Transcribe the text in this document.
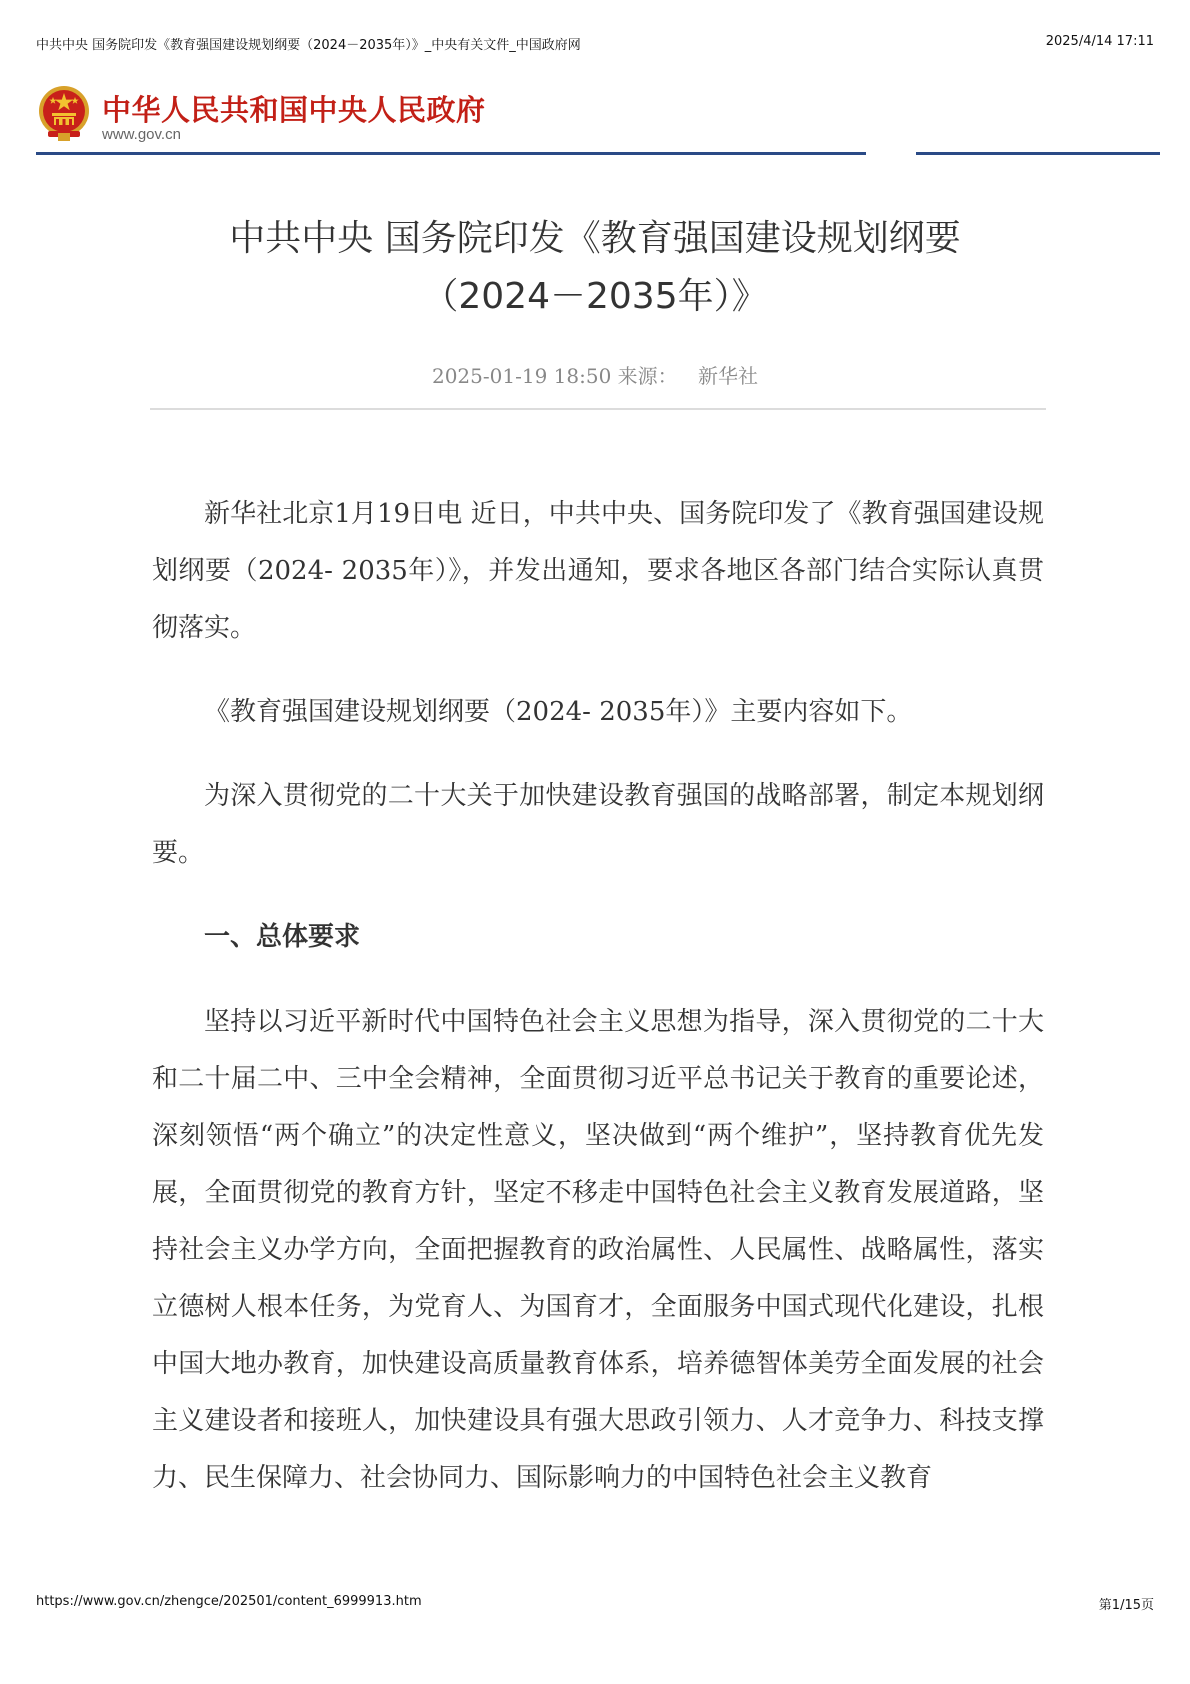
中共中央 国务院印发《教育强国建设规划纲要（2024－2035年）》_中央有关文件_中国政府网	2025/4/14 17:11
中华人民共和国中央人民政府
www.gov.cn
中共中央 国务院印发《教育强国建设规划纲要
（2024－2035年）》
2025-01-19 18:50 来源： 新华社

新华社北京1月19日电 近日，中共中央、国务院印发了《教育强国建设规划纲要（2024- 2035年）》，并发出通知，要求各地区各部门结合实际认真贯彻落实。

《教育强国建设规划纲要（2024- 2035年）》主要内容如下。

为深入贯彻党的二十大关于加快建设教育强国的战略部署，制定本规划纲要。

一、总体要求

坚持以习近平新时代中国特色社会主义思想为指导，深入贯彻党的二十大和二十届二中、三中全会精神，全面贯彻习近平总书记关于教育的重要论述，深刻领悟“两个确立”的决定性意义，坚决做到“两个维护”，坚持教育优先发展，全面贯彻党的教育方针，坚定不移走中国特色社会主义教育发展道路，坚持社会主义办学方向，全面把握教育的政治属性、人民属性、战略属性，落实立德树人根本任务，为党育人、为国育才，全面服务中国式现代化建设，扎根中国大地办教育，加快建设高质量教育体系，培养德智体美劳全面发展的社会主义建设者和接班人，加快建设具有强大思政引领力、人才竞争力、科技支撑力、民生保障力、社会协同力、国际影响力的中国特色社会主义教育

https://www.gov.cn/zhengce/202501/content_6999913.htm	第1/15页
